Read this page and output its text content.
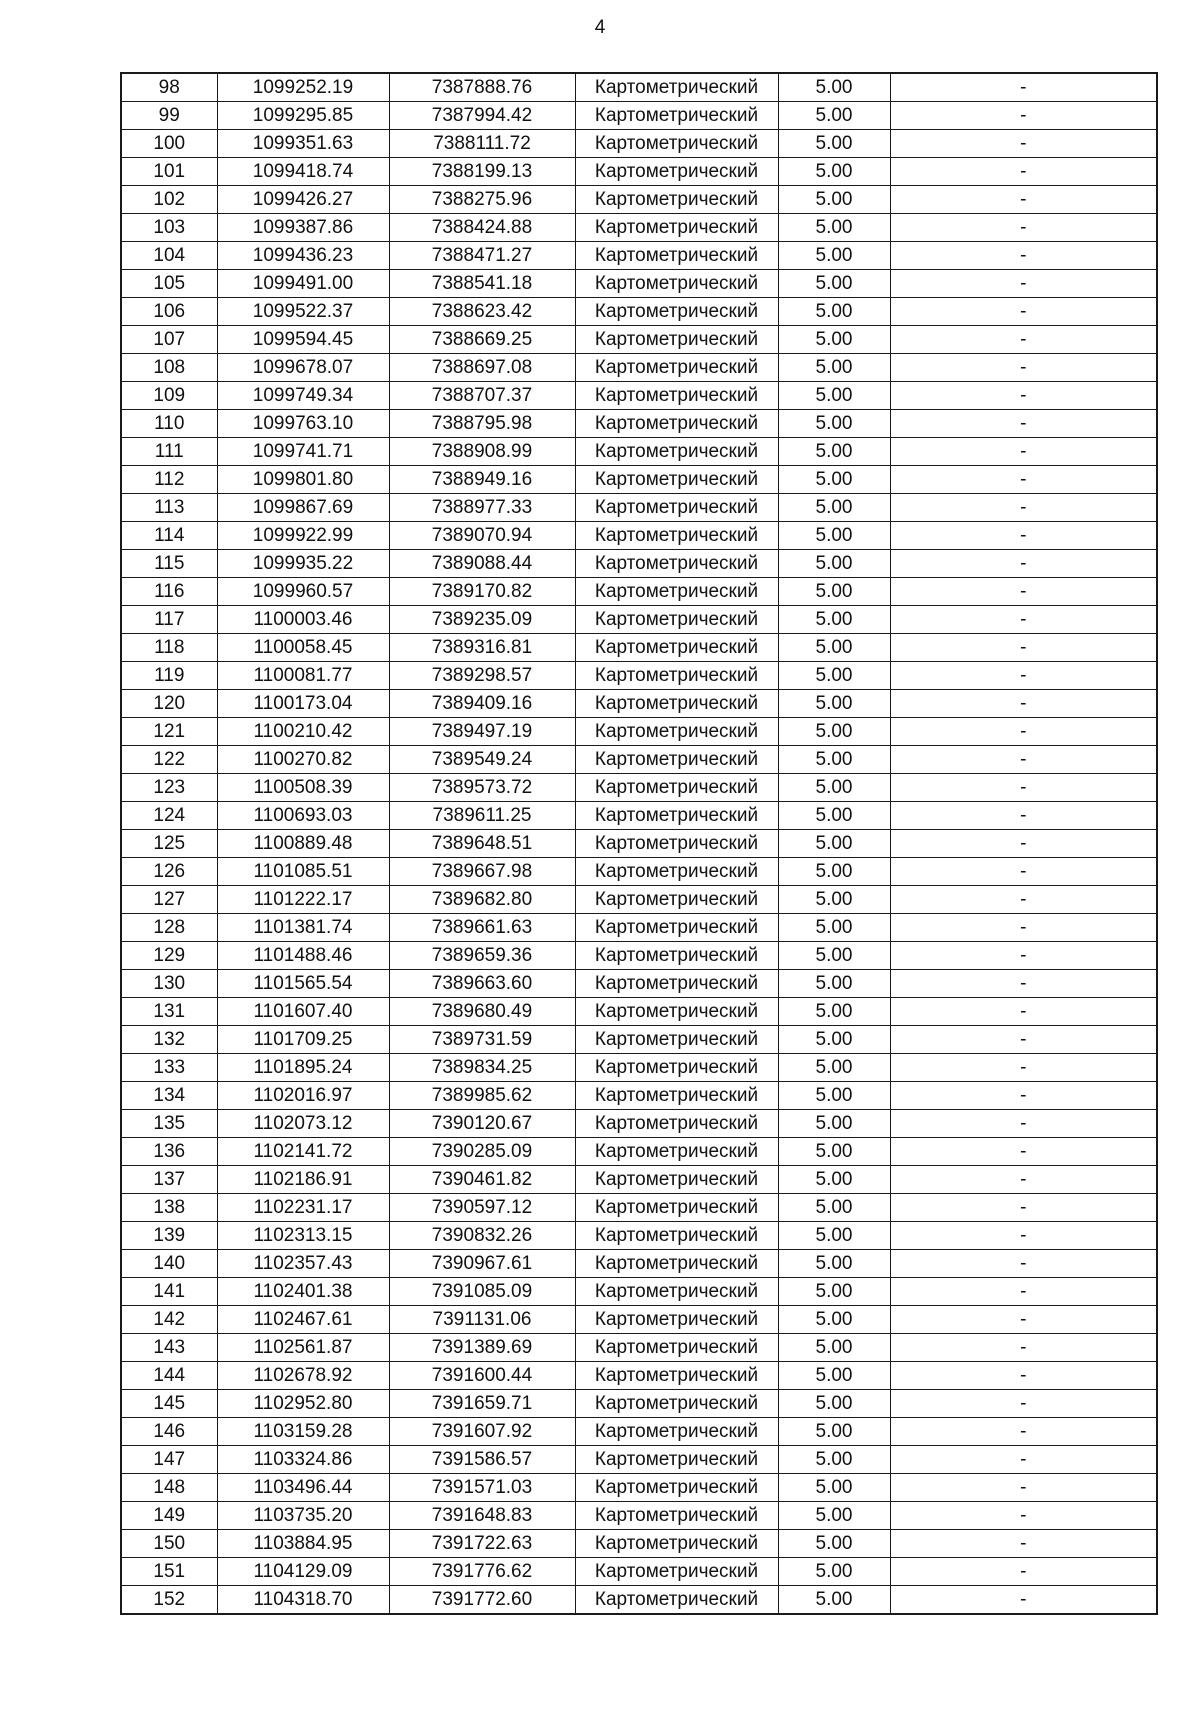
4
98	1099252.19	7387888.76	Картометрический	5.00	-
99	1099295.85	7387994.42	Картометрический	5.00	-
100	1099351.63	7388111.72	Картометрический	5.00	-
101	1099418.74	7388199.13	Картометрический	5.00	-
102	1099426.27	7388275.96	Картометрический	5.00	-
103	1099387.86	7388424.88	Картометрический	5.00	-
104	1099436.23	7388471.27	Картометрический	5.00	-
105	1099491.00	7388541.18	Картометрический	5.00	-
106	1099522.37	7388623.42	Картометрический	5.00	-
107	1099594.45	7388669.25	Картометрический	5.00	-
108	1099678.07	7388697.08	Картометрический	5.00	-
109	1099749.34	7388707.37	Картометрический	5.00	-
110	1099763.10	7388795.98	Картометрический	5.00	-
111	1099741.71	7388908.99	Картометрический	5.00	-
112	1099801.80	7388949.16	Картометрический	5.00	-
113	1099867.69	7388977.33	Картометрический	5.00	-
114	1099922.99	7389070.94	Картометрический	5.00	-
115	1099935.22	7389088.44	Картометрический	5.00	-
116	1099960.57	7389170.82	Картометрический	5.00	-
117	1100003.46	7389235.09	Картометрический	5.00	-
118	1100058.45	7389316.81	Картометрический	5.00	-
119	1100081.77	7389298.57	Картометрический	5.00	-
120	1100173.04	7389409.16	Картометрический	5.00	-
121	1100210.42	7389497.19	Картометрический	5.00	-
122	1100270.82	7389549.24	Картометрический	5.00	-
123	1100508.39	7389573.72	Картометрический	5.00	-
124	1100693.03	7389611.25	Картометрический	5.00	-
125	1100889.48	7389648.51	Картометрический	5.00	-
126	1101085.51	7389667.98	Картометрический	5.00	-
127	1101222.17	7389682.80	Картометрический	5.00	-
128	1101381.74	7389661.63	Картометрический	5.00	-
129	1101488.46	7389659.36	Картометрический	5.00	-
130	1101565.54	7389663.60	Картометрический	5.00	-
131	1101607.40	7389680.49	Картометрический	5.00	-
132	1101709.25	7389731.59	Картометрический	5.00	-
133	1101895.24	7389834.25	Картометрический	5.00	-
134	1102016.97	7389985.62	Картометрический	5.00	-
135	1102073.12	7390120.67	Картометрический	5.00	-
136	1102141.72	7390285.09	Картометрический	5.00	-
137	1102186.91	7390461.82	Картометрический	5.00	-
138	1102231.17	7390597.12	Картометрический	5.00	-
139	1102313.15	7390832.26	Картометрический	5.00	-
140	1102357.43	7390967.61	Картометрический	5.00	-
141	1102401.38	7391085.09	Картометрический	5.00	-
142	1102467.61	7391131.06	Картометрический	5.00	-
143	1102561.87	7391389.69	Картометрический	5.00	-
144	1102678.92	7391600.44	Картометрический	5.00	-
145	1102952.80	7391659.71	Картометрический	5.00	-
146	1103159.28	7391607.92	Картометрический	5.00	-
147	1103324.86	7391586.57	Картометрический	5.00	-
148	1103496.44	7391571.03	Картометрический	5.00	-
149	1103735.20	7391648.83	Картометрический	5.00	-
150	1103884.95	7391722.63	Картометрический	5.00	-
151	1104129.09	7391776.62	Картометрический	5.00	-
152	1104318.70	7391772.60	Картометрический	5.00	-
